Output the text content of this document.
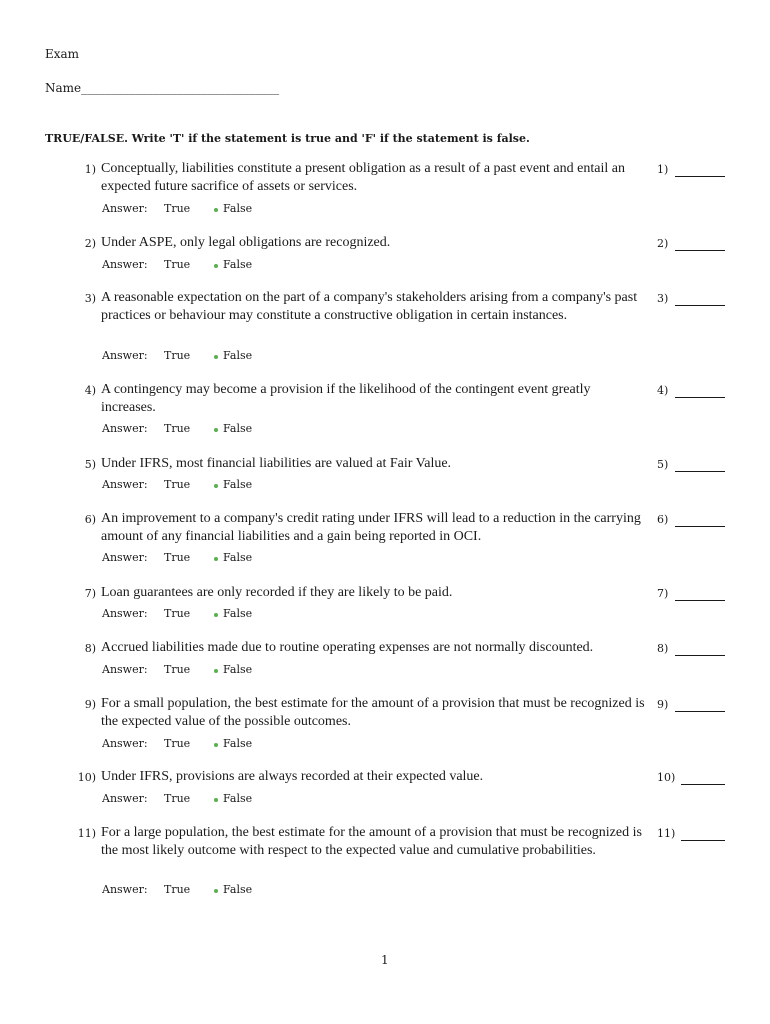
Exam
Name_________________________________
TRUE/FALSE. Write 'T' if the statement is true and 'F' if the statement is false.
1) Conceptually, liabilities constitute a present obligation as a result of a past event and entail an expected future sacrifice of assets or services.
1)
Answer: True	False
2) Under ASPE, only legal obligations are recognized.	2)
Answer: True	False
3) A reasonable expectation on the part of a company's stakeholders arising from a company's past practices or behaviour may constitute a constructive obligation in certain instances.
3)
Answer: True	False
4) A contingency may become a provision if the likelihood of the contingent event greatly increases.
4)
Answer: True	False
5) Under IFRS, most financial liabilities are valued at Fair Value.	5)
Answer: True	False
6) An improvement to a company's credit rating under IFRS will lead to a reduction in the carrying amount of any financial liabilities and a gain being reported in OCI.
6)
Answer: True	False
7) Loan guarantees are only recorded if they are likely to be paid.	7)
Answer: True	False
8) Accrued liabilities made due to routine operating expenses are not normally discounted.	8)
Answer: True	False
9) For a small population, the best estimate for the amount of a provision that must be recognized is the expected value of the possible outcomes.
9)
Answer: True	False
10) Under IFRS, provisions are always recorded at their expected value.	10)
Answer: True	False
11) For a large population, the best estimate for the amount of a provision that must be recognized is the most likely outcome with respect to the expected value and cumulative probabilities.
11)
Answer: True	False
1
